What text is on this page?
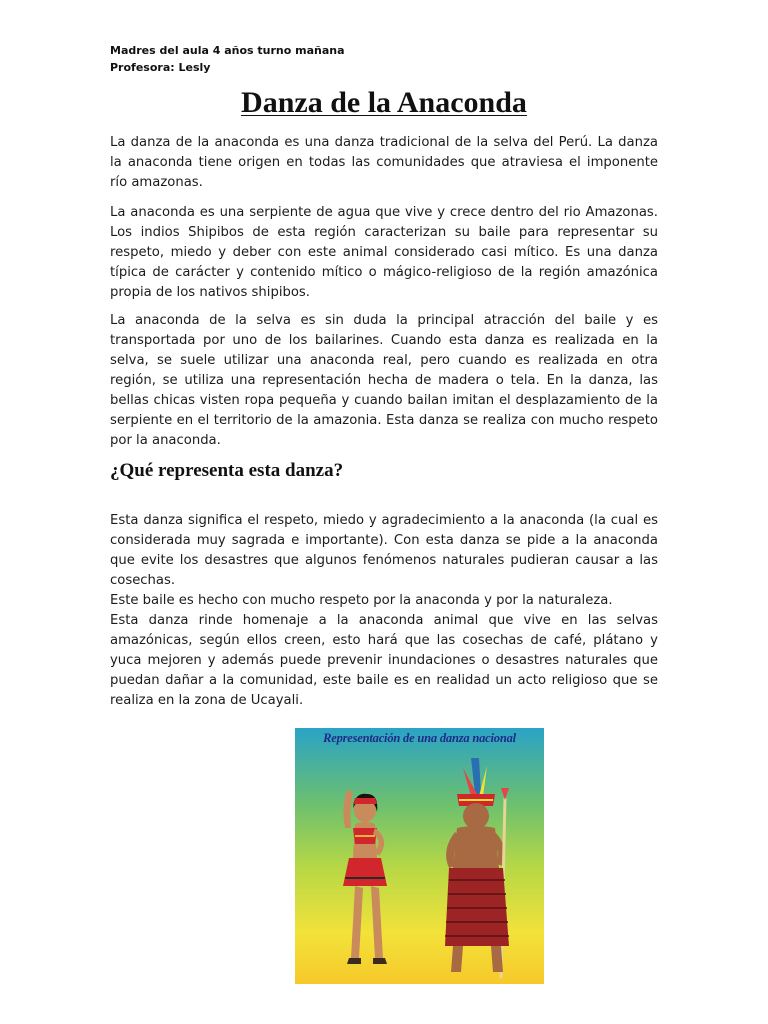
Madres del aula 4 años turno mañana
Profesora: Lesly
Danza de la Anaconda

La danza de la anaconda es una danza tradicional de la selva del Perú. La danza la anaconda tiene origen en todas las comunidades que atraviesa el imponente río amazonas.

La anaconda es una serpiente de agua que vive y crece dentro del rio Amazonas. Los indios Shipibos de esta región caracterizan su baile para representar su respeto, miedo y deber con este animal considerado casi mítico. Es una danza típica de carácter y contenido mítico o mágico-religioso de la región amazónica propia de los nativos shipibos.

La anaconda de la selva es sin duda la principal atracción del baile y es transportada por uno de los bailarines. Cuando esta danza es realizada en la selva, se suele utilizar una anaconda real, pero cuando es realizada en otra región, se utiliza una representación hecha de madera o tela. En la danza, las bellas chicas visten ropa pequeña y cuando bailan imitan el desplazamiento de la serpiente en el territorio de la amazonia. Esta danza se realiza con mucho respeto por la anaconda.

¿Qué representa esta danza?

Esta danza significa el respeto, miedo y agradecimiento a la anaconda (la cual es considerada muy sagrada e importante). Con esta danza se pide a la anaconda que evite los desastres que algunos fenómenos naturales pudieran causar a las cosechas.

Este baile es hecho con mucho respeto por la anaconda y por la naturaleza.

Esta danza rinde homenaje a la anaconda animal que vive en las selvas amazónicas, según ellos creen, esto hará que las cosechas de café, plátano y yuca mejoren y además puede prevenir inundaciones o desastres naturales que puedan dañar a la comunidad, este baile es en realidad un acto religioso que se realiza en la zona de Ucayali.

Representación de una danza nacional
